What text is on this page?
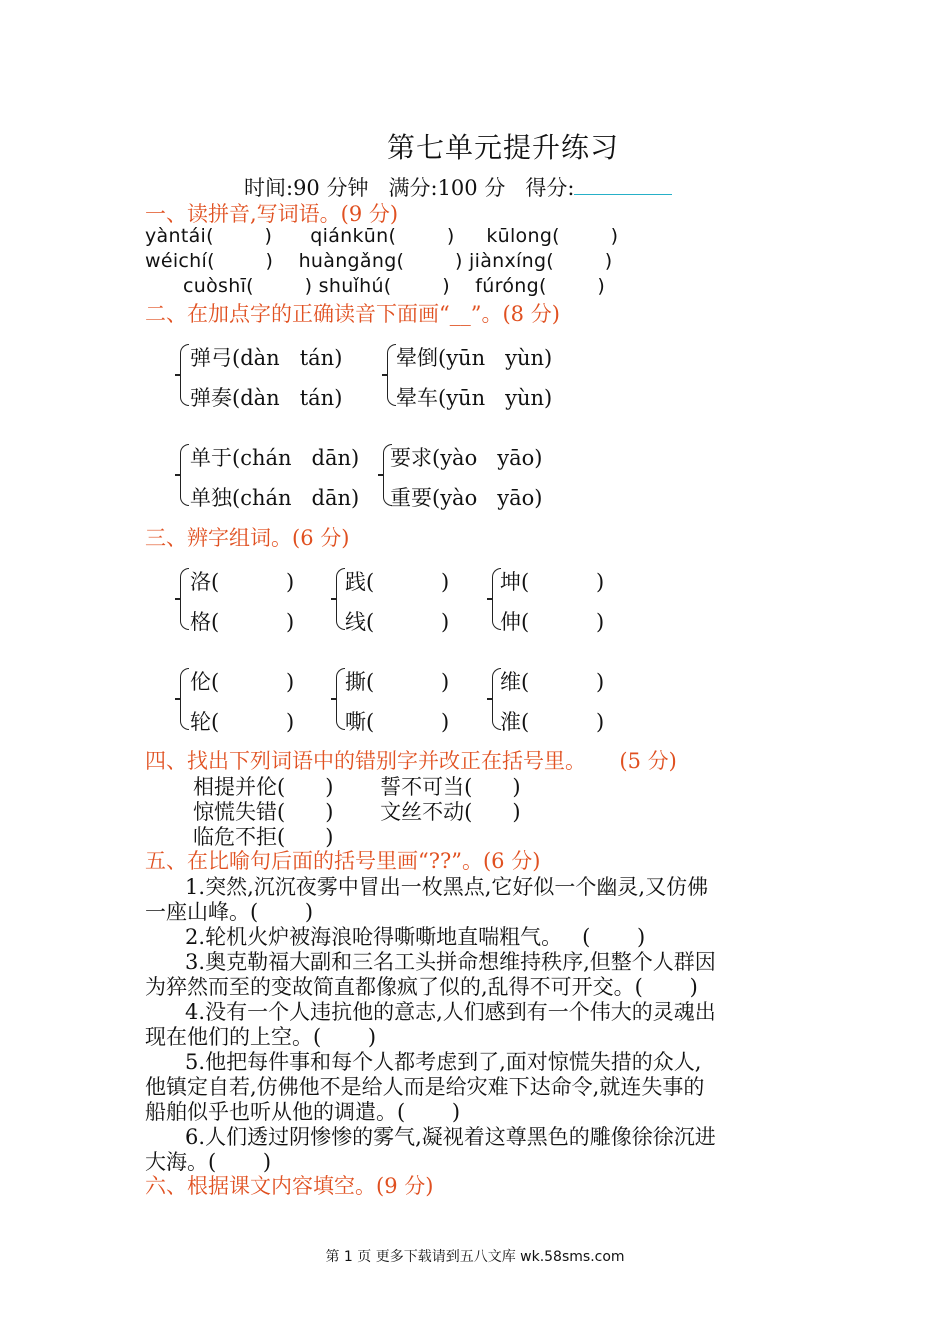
第七单元提升练习
时间:90 分钟   满分:100 分   得分:
一、读拼音,写词语。(9 分)
yàntái(        )      qiánkūn(        )     kūlong(        )
wéichí(        )    huàngǎng(        ) jiànxíng(        )
cuòshī(        ) shuǐhú(        )    fúróng(        )
二、在加点字的正确读音下面画“__”。(8 分)
弹弓(dàn   tán)
弹奏(dàn   tán)
晕倒(yūn   yùn)
晕车(yūn   yùn)
单于(chán   dān)
单独(chán   dān)
要求(yào   yāo)
重要(yào   yāo)
三、辨字组词。(6 分)
洛(          )
格(          )
践(          )
线(          )
坤(          )
伸(          )
伦(          )
轮(          )
撕(          )
嘶(          )
维(          )
淮(          )
四、找出下列词语中的错别字并改正在括号里。     (5 分)
相提并伦(      )       誓不可当(      )
惊慌失错(      )       文丝不动(      )
临危不拒(      )
五、在比喻句后面的括号里画“??”。(6 分)
1.突然,沉沉夜雾中冒出一枚黑点,它好似一个幽灵,又仿佛
一座山峰。(       )
2.轮机火炉被海浪呛得嘶嘶地直喘粗气。   (       )
3.奥克勒福大副和三名工头拼命想维持秩序,但整个人群因
为猝然而至的变故简直都像疯了似的,乱得不可开交。(       )
4.没有一个人违抗他的意志,人们感到有一个伟大的灵魂出
现在他们的上空。(       )
5.他把每件事和每个人都考虑到了,面对惊慌失措的众人,
他镇定自若,仿佛他不是给人而是给灾难下达命令,就连失事的
船舶似乎也听从他的调遣。(       )
6.人们透过阴惨惨的雾气,凝视着这尊黑色的雕像徐徐沉进
大海。(       )
六、根据课文内容填空。(9 分)
第 1 页 更多下载请到五八文库 wk.58sms.com
